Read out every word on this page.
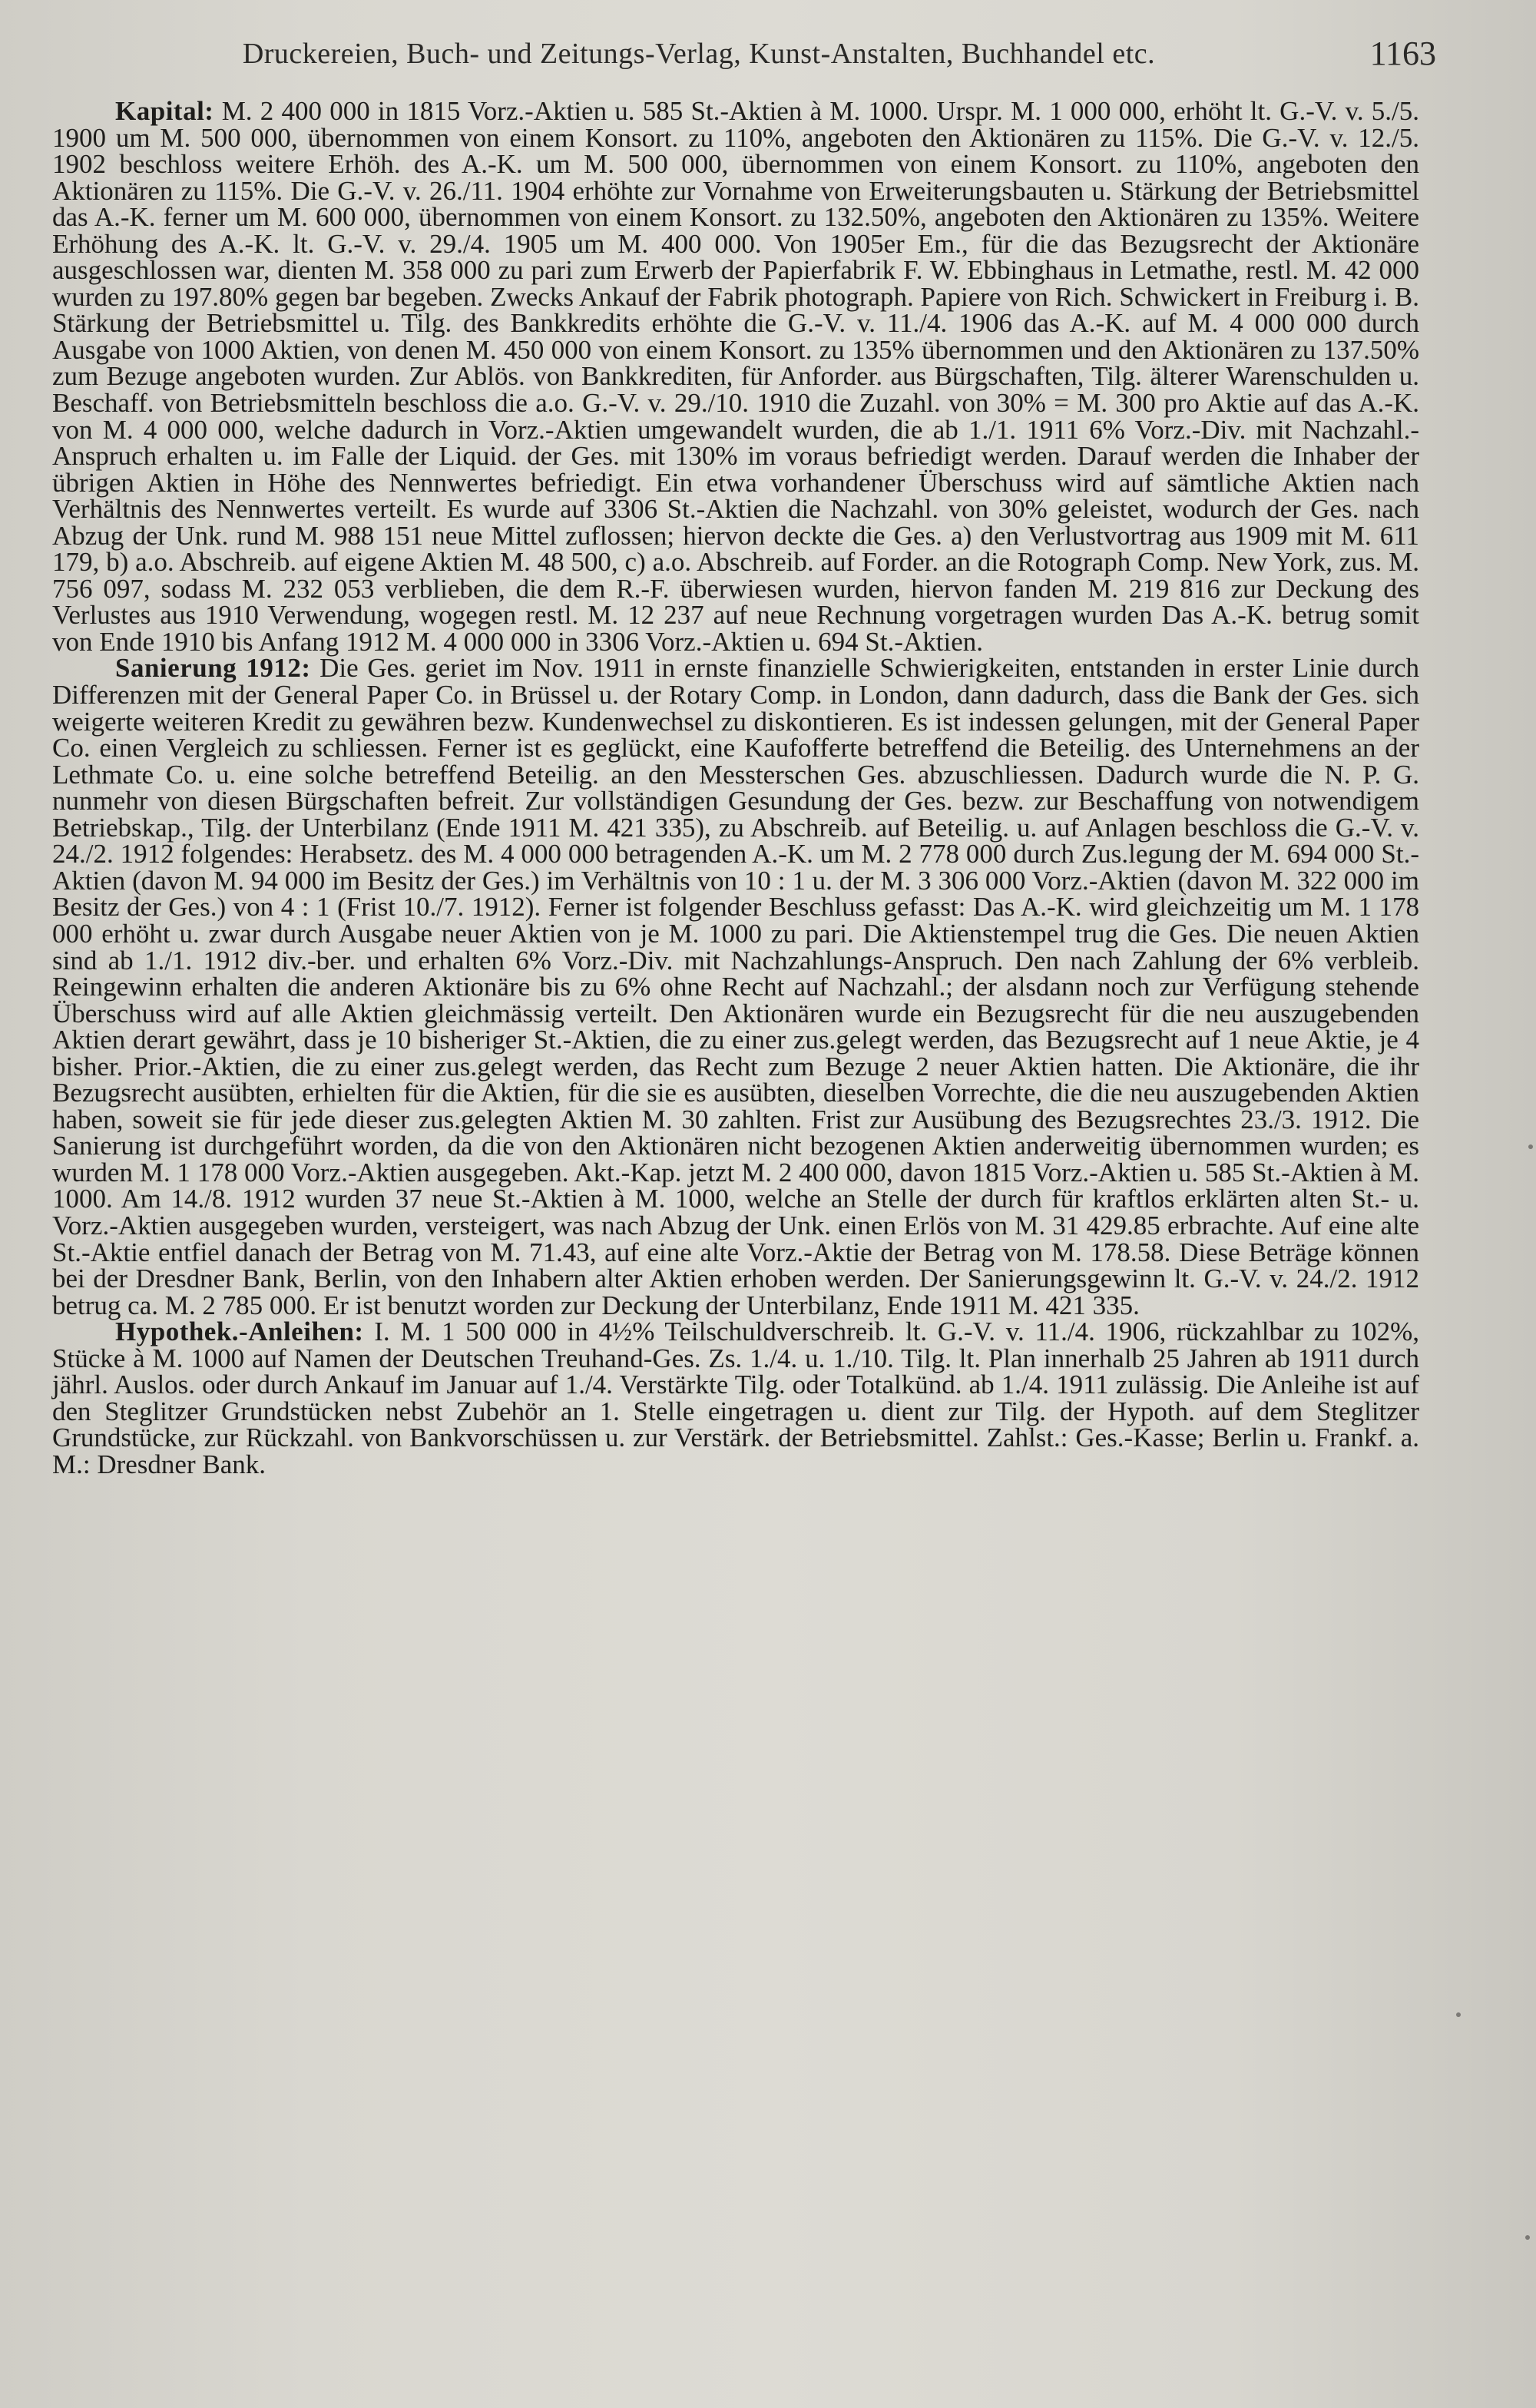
Druckereien, Buch- und Zeitungs-Verlag, Kunst-Anstalten, Buchhandel etc.	1163

Kapital: M. 2 400 000 in 1815 Vorz.-Aktien u. 585 St.-Aktien à M. 1000. Urspr. M. 1 000 000, erhöht lt. G.-V. v. 5./5. 1900 um M. 500 000, übernommen von einem Konsort. zu 110%, angeboten den Aktionären zu 115%. Die G.-V. v. 12./5. 1902 beschloss weitere Erhöh. des A.-K. um M. 500 000, übernommen von einem Konsort. zu 110%, angeboten den Aktionären zu 115%. Die G.-V. v. 26./11. 1904 erhöhte zur Vornahme von Erweiterungsbauten u. Stärkung der Betriebsmittel das A.-K. ferner um M. 600 000, übernommen von einem Konsort. zu 132.50%, angeboten den Aktionären zu 135%. Weitere Erhöhung des A.-K. lt. G.-V. v. 29./4. 1905 um M. 400 000. Von 1905er Em., für die das Bezugsrecht der Aktionäre ausgeschlossen war, dienten M. 358 000 zu pari zum Erwerb der Papierfabrik F. W. Ebbinghaus in Letmathe, restl. M. 42 000 wurden zu 197.80% gegen bar begeben. Zwecks Ankauf der Fabrik photograph. Papiere von Rich. Schwickert in Freiburg i. B. Stärkung der Betriebsmittel u. Tilg. des Bankkredits erhöhte die G.-V. v. 11./4. 1906 das A.-K. auf M. 4 000 000 durch Ausgabe von 1000 Aktien, von denen M. 450 000 von einem Konsort. zu 135% übernommen und den Aktionären zu 137.50% zum Bezuge angeboten wurden. Zur Ablös. von Bankkrediten, für Anforder. aus Bürgschaften, Tilg. älterer Warenschulden u. Beschaff. von Betriebsmitteln beschloss die a.o. G.-V. v. 29./10. 1910 die Zuzahl. von 30% = M. 300 pro Aktie auf das A.-K. von M. 4 000 000, welche dadurch in Vorz.-Aktien umgewandelt wurden, die ab 1./1. 1911 6% Vorz.-Div. mit Nachzahl.-Anspruch erhalten u. im Falle der Liquid. der Ges. mit 130% im voraus befriedigt werden. Darauf werden die Inhaber der übrigen Aktien in Höhe des Nennwertes befriedigt. Ein etwa vorhandener Überschuss wird auf sämtliche Aktien nach Verhältnis des Nennwertes verteilt. Es wurde auf 3306 St.-Aktien die Nachzahl. von 30% geleistet, wodurch der Ges. nach Abzug der Unk. rund M. 988 151 neue Mittel zuflossen; hiervon deckte die Ges. a) den Verlustvortrag aus 1909 mit M. 611 179, b) a.o. Abschreib. auf eigene Aktien M. 48 500, c) a.o. Abschreib. auf Forder. an die Rotograph Comp. New York, zus. M. 756 097, sodass M. 232 053 verblieben, die dem R.-F. überwiesen wurden, hiervon fanden M. 219 816 zur Deckung des Verlustes aus 1910 Verwendung, wogegen restl. M. 12 237 auf neue Rechnung vorgetragen wurden Das A.-K. betrug somit von Ende 1910 bis Anfang 1912 M. 4 000 000 in 3306 Vorz.-Aktien u. 694 St.-Aktien.

Sanierung 1912: Die Ges. geriet im Nov. 1911 in ernste finanzielle Schwierigkeiten, entstanden in erster Linie durch Differenzen mit der General Paper Co. in Brüssel u. der Rotary Comp. in London, dann dadurch, dass die Bank der Ges. sich weigerte weiteren Kredit zu gewähren bezw. Kundenwechsel zu diskontieren. Es ist indessen gelungen, mit der General Paper Co. einen Vergleich zu schliessen. Ferner ist es geglückt, eine Kaufofferte betreffend die Beteilig. des Unternehmens an der Lethmate Co. u. eine solche betreffend Beteilig. an den Messterschen Ges. abzuschliessen. Dadurch wurde die N. P. G. nunmehr von diesen Bürgschaften befreit. Zur vollständigen Gesundung der Ges. bezw. zur Beschaffung von notwendigem Betriebskap., Tilg. der Unterbilanz (Ende 1911 M. 421 335), zu Abschreib. auf Beteilig. u. auf Anlagen beschloss die G.-V. v. 24./2. 1912 folgendes: Herabsetz. des M. 4 000 000 betragenden A.-K. um M. 2 778 000 durch Zus.legung der M. 694 000 St.-Aktien (davon M. 94 000 im Besitz der Ges.) im Verhältnis von 10 : 1 u. der M. 3 306 000 Vorz.-Aktien (davon M. 322 000 im Besitz der Ges.) von 4 : 1 (Frist 10./7. 1912). Ferner ist folgender Beschluss gefasst: Das A.-K. wird gleichzeitig um M. 1 178 000 erhöht u. zwar durch Ausgabe neuer Aktien von je M. 1000 zu pari. Die Aktienstempel trug die Ges. Die neuen Aktien sind ab 1./1. 1912 div.-ber. und erhalten 6% Vorz.-Div. mit Nachzahlungs-Anspruch. Den nach Zahlung der 6% verbleib. Reingewinn erhalten die anderen Aktionäre bis zu 6% ohne Recht auf Nachzahl.; der alsdann noch zur Verfügung stehende Überschuss wird auf alle Aktien gleichmässig verteilt. Den Aktionären wurde ein Bezugsrecht für die neu auszugebenden Aktien derart gewährt, dass je 10 bisheriger St.-Aktien, die zu einer zus.gelegt werden, das Bezugsrecht auf 1 neue Aktie, je 4 bisher. Prior.-Aktien, die zu einer zus.gelegt werden, das Recht zum Bezuge 2 neuer Aktien hatten. Die Aktionäre, die ihr Bezugsrecht ausübten, erhielten für die Aktien, für die sie es ausübten, dieselben Vorrechte, die die neu auszugebenden Aktien haben, soweit sie für jede dieser zus.gelegten Aktien M. 30 zahlten. Frist zur Ausübung des Bezugsrechtes 23./3. 1912. Die Sanierung ist durchgeführt worden, da die von den Aktionären nicht bezogenen Aktien anderweitig übernommen wurden; es wurden M. 1 178 000 Vorz.-Aktien ausgegeben. Akt.-Kap. jetzt M. 2 400 000, davon 1815 Vorz.-Aktien u. 585 St.-Aktien à M. 1000. Am 14./8. 1912 wurden 37 neue St.-Aktien à M. 1000, welche an Stelle der durch für kraftlos erklärten alten St.- u. Vorz.-Aktien ausgegeben wurden, versteigert, was nach Abzug der Unk. einen Erlös von M. 31 429.85 erbrachte. Auf eine alte St.-Aktie entfiel danach der Betrag von M. 71.43, auf eine alte Vorz.-Aktie der Betrag von M. 178.58. Diese Beträge können bei der Dresdner Bank, Berlin, von den Inhabern alter Aktien erhoben werden. Der Sanierungsgewinn lt. G.-V. v. 24./2. 1912 betrug ca. M. 2 785 000. Er ist benutzt worden zur Deckung der Unterbilanz, Ende 1911 M. 421 335.

Hypothek.-Anleihen: I. M. 1 500 000 in 4½% Teilschuldverschreib. lt. G.-V. v. 11./4. 1906, rückzahlbar zu 102%, Stücke à M. 1000 auf Namen der Deutschen Treuhand-Ges. Zs. 1./4. u. 1./10. Tilg. lt. Plan innerhalb 25 Jahren ab 1911 durch jährl. Auslos. oder durch Ankauf im Januar auf 1./4. Verstärkte Tilg. oder Totalkünd. ab 1./4. 1911 zulässig. Die Anleihe ist auf den Steglitzer Grundstücken nebst Zubehör an 1. Stelle eingetragen u. dient zur Tilg. der Hypoth. auf dem Steglitzer Grundstücke, zur Rückzahl. von Bankvorschüssen u. zur Verstärk. der Betriebsmittel. Zahlst.: Ges.-Kasse; Berlin u. Frankf. a. M.: Dresdner Bank.
